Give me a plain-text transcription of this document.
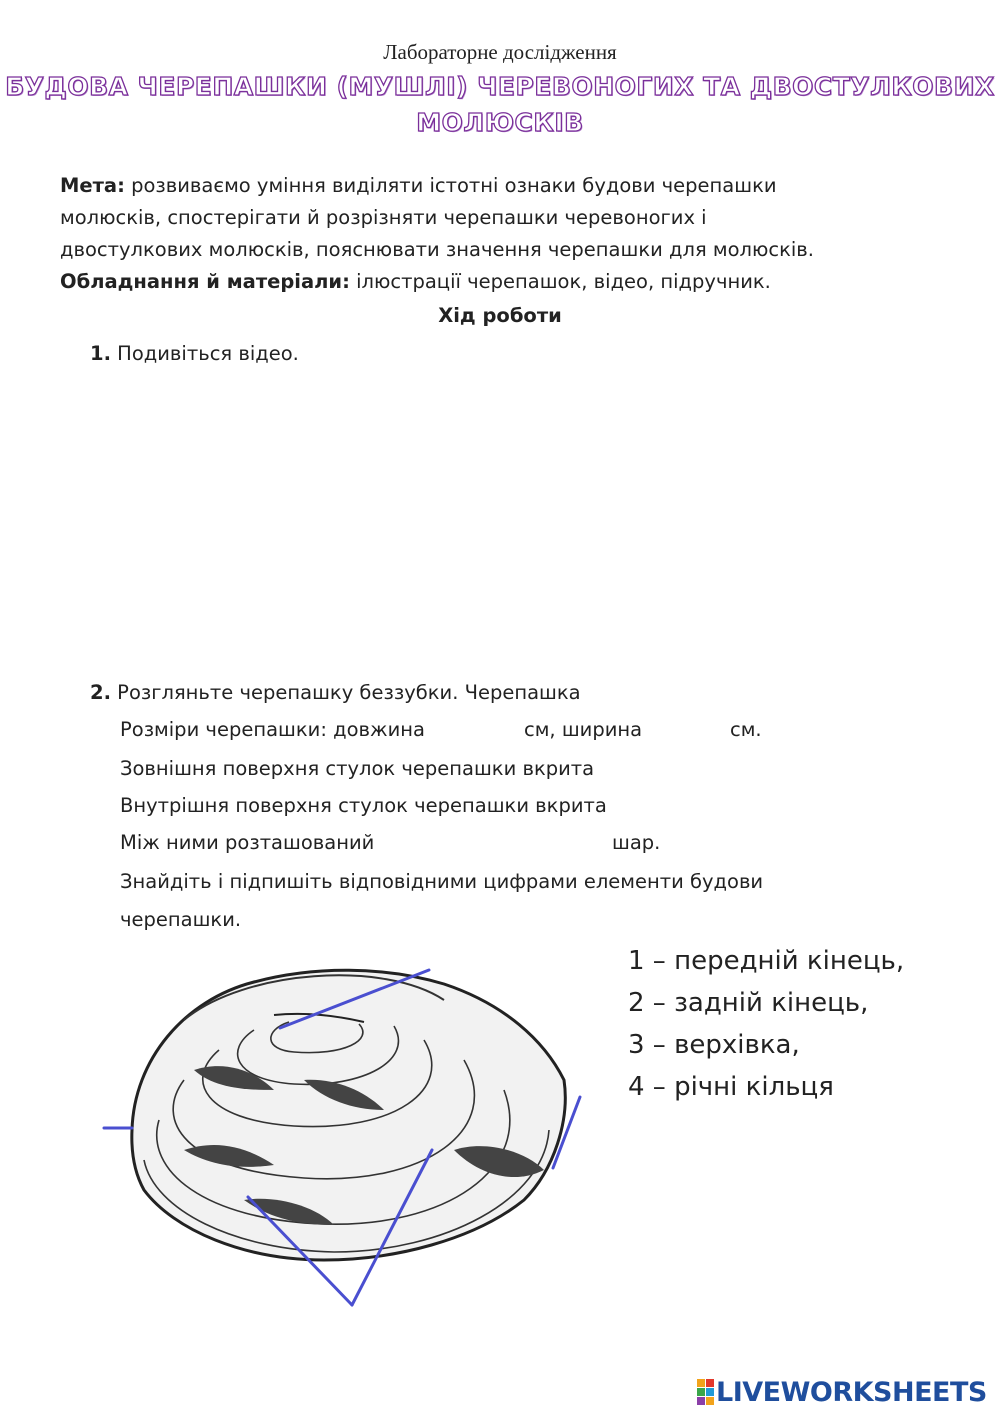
Лабораторне дослідження
БУДОВА ЧЕРЕПАШКИ (МУШЛІ) ЧЕРЕВОНОГИХ ТА ДВОСТУЛКОВИХ
МОЛЮСКІВ
Мета: розвиваємо уміння виділяти істотні ознаки будови черепашки
молюсків, спостерігати й розрізняти черепашки черевоногих і
двостулкових молюсків, пояснювати значення черепашки для молюсків.
Обладнання й матеріали: ілюстрації черепашок, відео, підручник.
Хід роботи
1. Подивіться відео.
2. Розгляньте черепашку беззубки. Черепашка
Розміри черепашки: довжина	см, ширина	см.
Зовнішня поверхня стулок черепашки вкрита
Внутрішня поверхня стулок черепашки вкрита
Між ними розташований	шар.
Знайдіть і підпишіть відповідними цифрами елементи будови
черепашки.
1 – передній кінець,
2 – задній кінець,
3 – верхівка,
4 – річні кільця
LIVEWORKSHEETS
